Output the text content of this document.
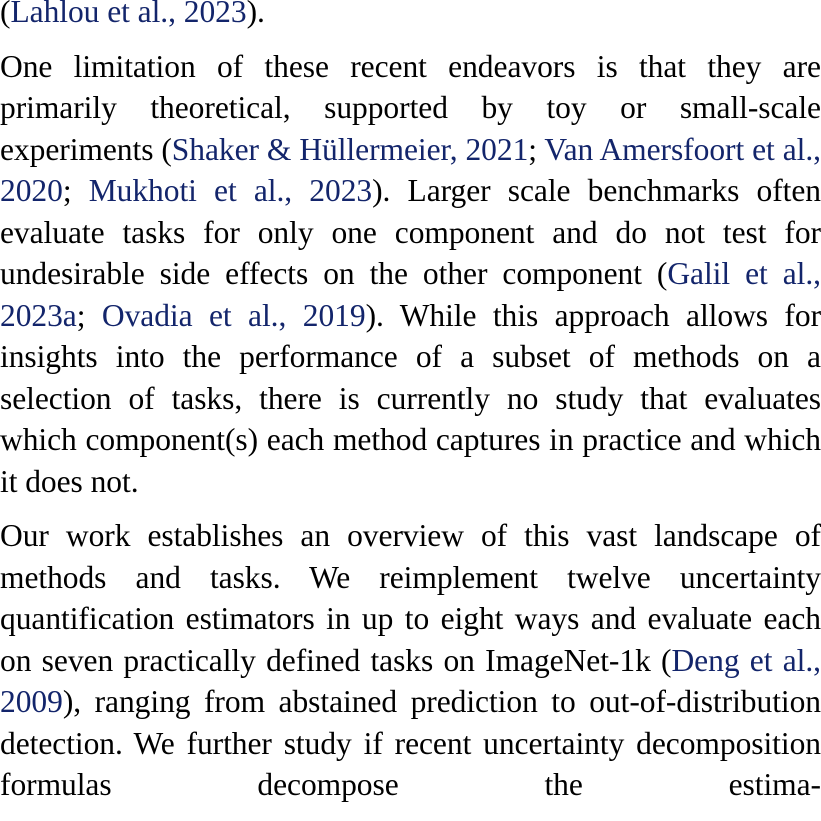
(Lahlou et al., 2023).

One limitation of these recent endeavors is that they are primarily theoretical, supported by toy or small-scale experiments (Shaker & Hüllermeier, 2021; Van Amersfoort et al., 2020; Mukhoti et al., 2023). Larger scale benchmarks often evaluate tasks for only one component and do not test for undesirable side effects on the other component (Galil et al., 2023a; Ovadia et al., 2019). While this approach allows for insights into the performance of a subset of methods on a selection of tasks, there is currently no study that evaluates which component(s) each method captures in practice and which it does not.

Our work establishes an overview of this vast landscape of methods and tasks. We reimplement twelve uncertainty quantification estimators in up to eight ways and evaluate each on seven practically defined tasks on ImageNet-1k (Deng et al., 2009), ranging from abstained prediction to out-of-distribution detection. We further study if recent uncertainty decomposition formulas decompose the estima-
